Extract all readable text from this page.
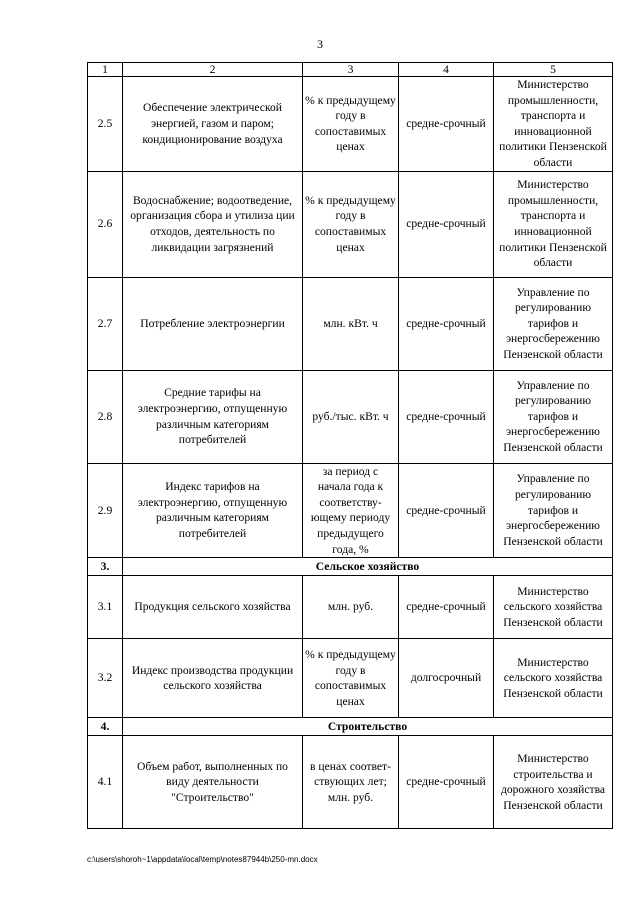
3
1	2	3	4	5
2.5	Обеспечение электрической энергией, газом и паром; кондиционирование воздуха	% к предыдущему году в сопоставимых ценах	средне-срочный	Министерство промышленности, транспорта и инновационной политики Пензенской области
2.6	Водоснабжение; водоотведение, организация сбора и утилиза ции отходов, деятельность по ликвидации загрязнений	% к предыдущему году в сопоставимых ценах	средне-срочный	Министерство промышленности, транспорта и инновационной политики Пензенской области
2.7	Потребление электроэнергии	млн. кВт. ч	средне-срочный	Управление по регулированию тарифов и энергосбережению Пензенской области
2.8	Средние тарифы на электроэнергию, отпущенную различным категориям потребителей	руб./тыс. кВт. ч	средне-срочный	Управление по регулированию тарифов и энергосбережению Пензенской области
2.9	Индекс тарифов на электроэнергию, отпущенную различным категориям потребителей	за период с начала года к соответству-ющему периоду предыдущего года, %	средне-срочный	Управление по регулированию тарифов и энергосбережению Пензенской области
3.	Сельское хозяйство			
3.1	Продукция сельского хозяйства	млн. руб.	средне-срочный	Министерство сельского хозяйства Пензенской области
3.2	Индекс производства продукции сельского хозяйства	% к предыдущему году в сопоставимых ценах	долгосрочный	Министерство сельского хозяйства Пензенской области
4.	Строительство			
4.1	Объем работ, выполненных по виду деятельности "Строительство"	в ценах соответ-ствующих лет; млн. руб.	средне-срочный	Министерство строительства и дорожного хозяйства Пензенской области
c:\users\shoroh~1\appdata\local\temp\notes87944b\250-mn.docx
